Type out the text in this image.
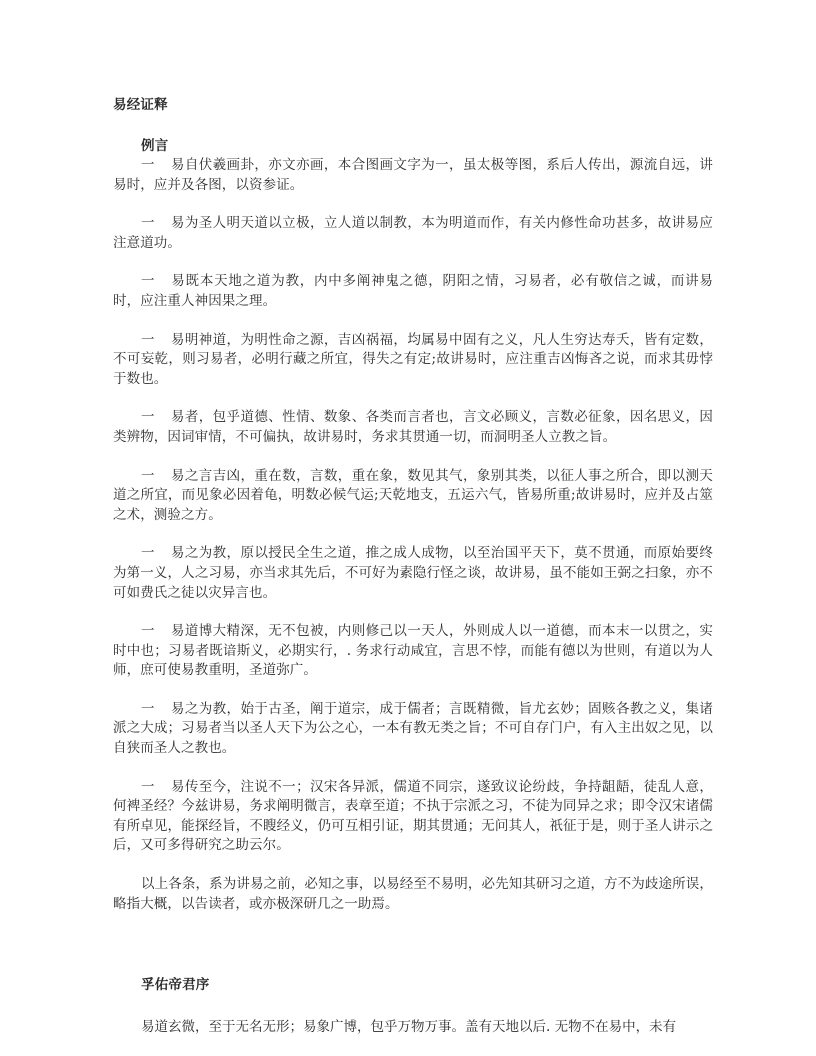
易经证释
例言

一 易自伏羲画卦，亦文亦画，本合图画文字为一，虽太极等图，系后人传出，源流自远，讲易时，应并及各图，以资参证。

一 易为圣人明天道以立极，立人道以制教，本为明道而作，有关内修性命功甚多，故讲易应注意道功。

一 易既本天地之道为教，内中多阐神鬼之德，阴阳之情，习易者，必有敬信之诚，而讲易时，应注重人神因果之理。

一 易明神道，为明性命之源，吉凶祸福，均属易中固有之义，凡人生穷达寿夭，皆有定数，不可妄乾，则习易者，必明行藏之所宜，得失之有定;故讲易时，应注重吉凶悔吝之说，而求其毋悖于数也。

一 易者，包乎道德、性情、数象、各类而言者也，言文必顾义，言数必征象，因名思义，因类辨物，因词审情，不可偏执，故讲易时，务求其贯通一切，而洞明圣人立教之旨。

一 易之言吉凶，重在数，言数，重在象，数见其气，象别其类，以征人事之所合，即以测天道之所宜，而见象必因着龟，明数必候气运;天乾地支，五运六气，皆易所重;故讲易时，应并及占筮之术，测验之方。

一 易之为教，原以授民全生之道，推之成人成物，以至治国平天下，莫不贯通，而原始要终为第一义，人之习易，亦当求其先后，不可好为素隐行怪之谈，故讲易，虽不能如王弼之扫象，亦不可如费氏之徒以灾异言也。

一 易道博大精深，无不包被，内则修己以一天人，外则成人以一道德，而本末一以贯之，实时中也；习易者既谙斯义，必期实行，. 务求行动咸宜，言思不悖，而能有德以为世则，有道以为人师，庶可使易教重明，圣道弥广。

一 易之为教，始于古圣，阐于道宗，成于儒者；言既精微，旨尤玄妙；固赅各教之义，集诸派之大成；习易者当以圣人天下为公之心，一本有教无类之旨；不可自存门户，有入主出奴之见，以自狭而圣人之教也。

一 易传至今，注说不一；汉宋各异派，儒道不同宗，遂致议论纷歧，争持龃龉，徒乱人意，何裨圣经？今兹讲易，务求阐明微言，表章至道；不执于宗派之习，不徒为同异之求；即令汉宋诸儒有所卓见，能探经旨，不瞍经义，仍可互相引证，期其贯通；无问其人，祇征于是，则于圣人讲示之后，又可多得研究之助云尔。

以上各条，系为讲易之前，必知之事，以易经至不易明，必先知其研习之道，方不为歧途所误，略指大概，以告读者，或亦极深研几之一助焉。

孚佑帝君序

易道玄微，至于无名无形；易象广博，包乎万物万事。盖有天地以后. 无物不在易中，未有
